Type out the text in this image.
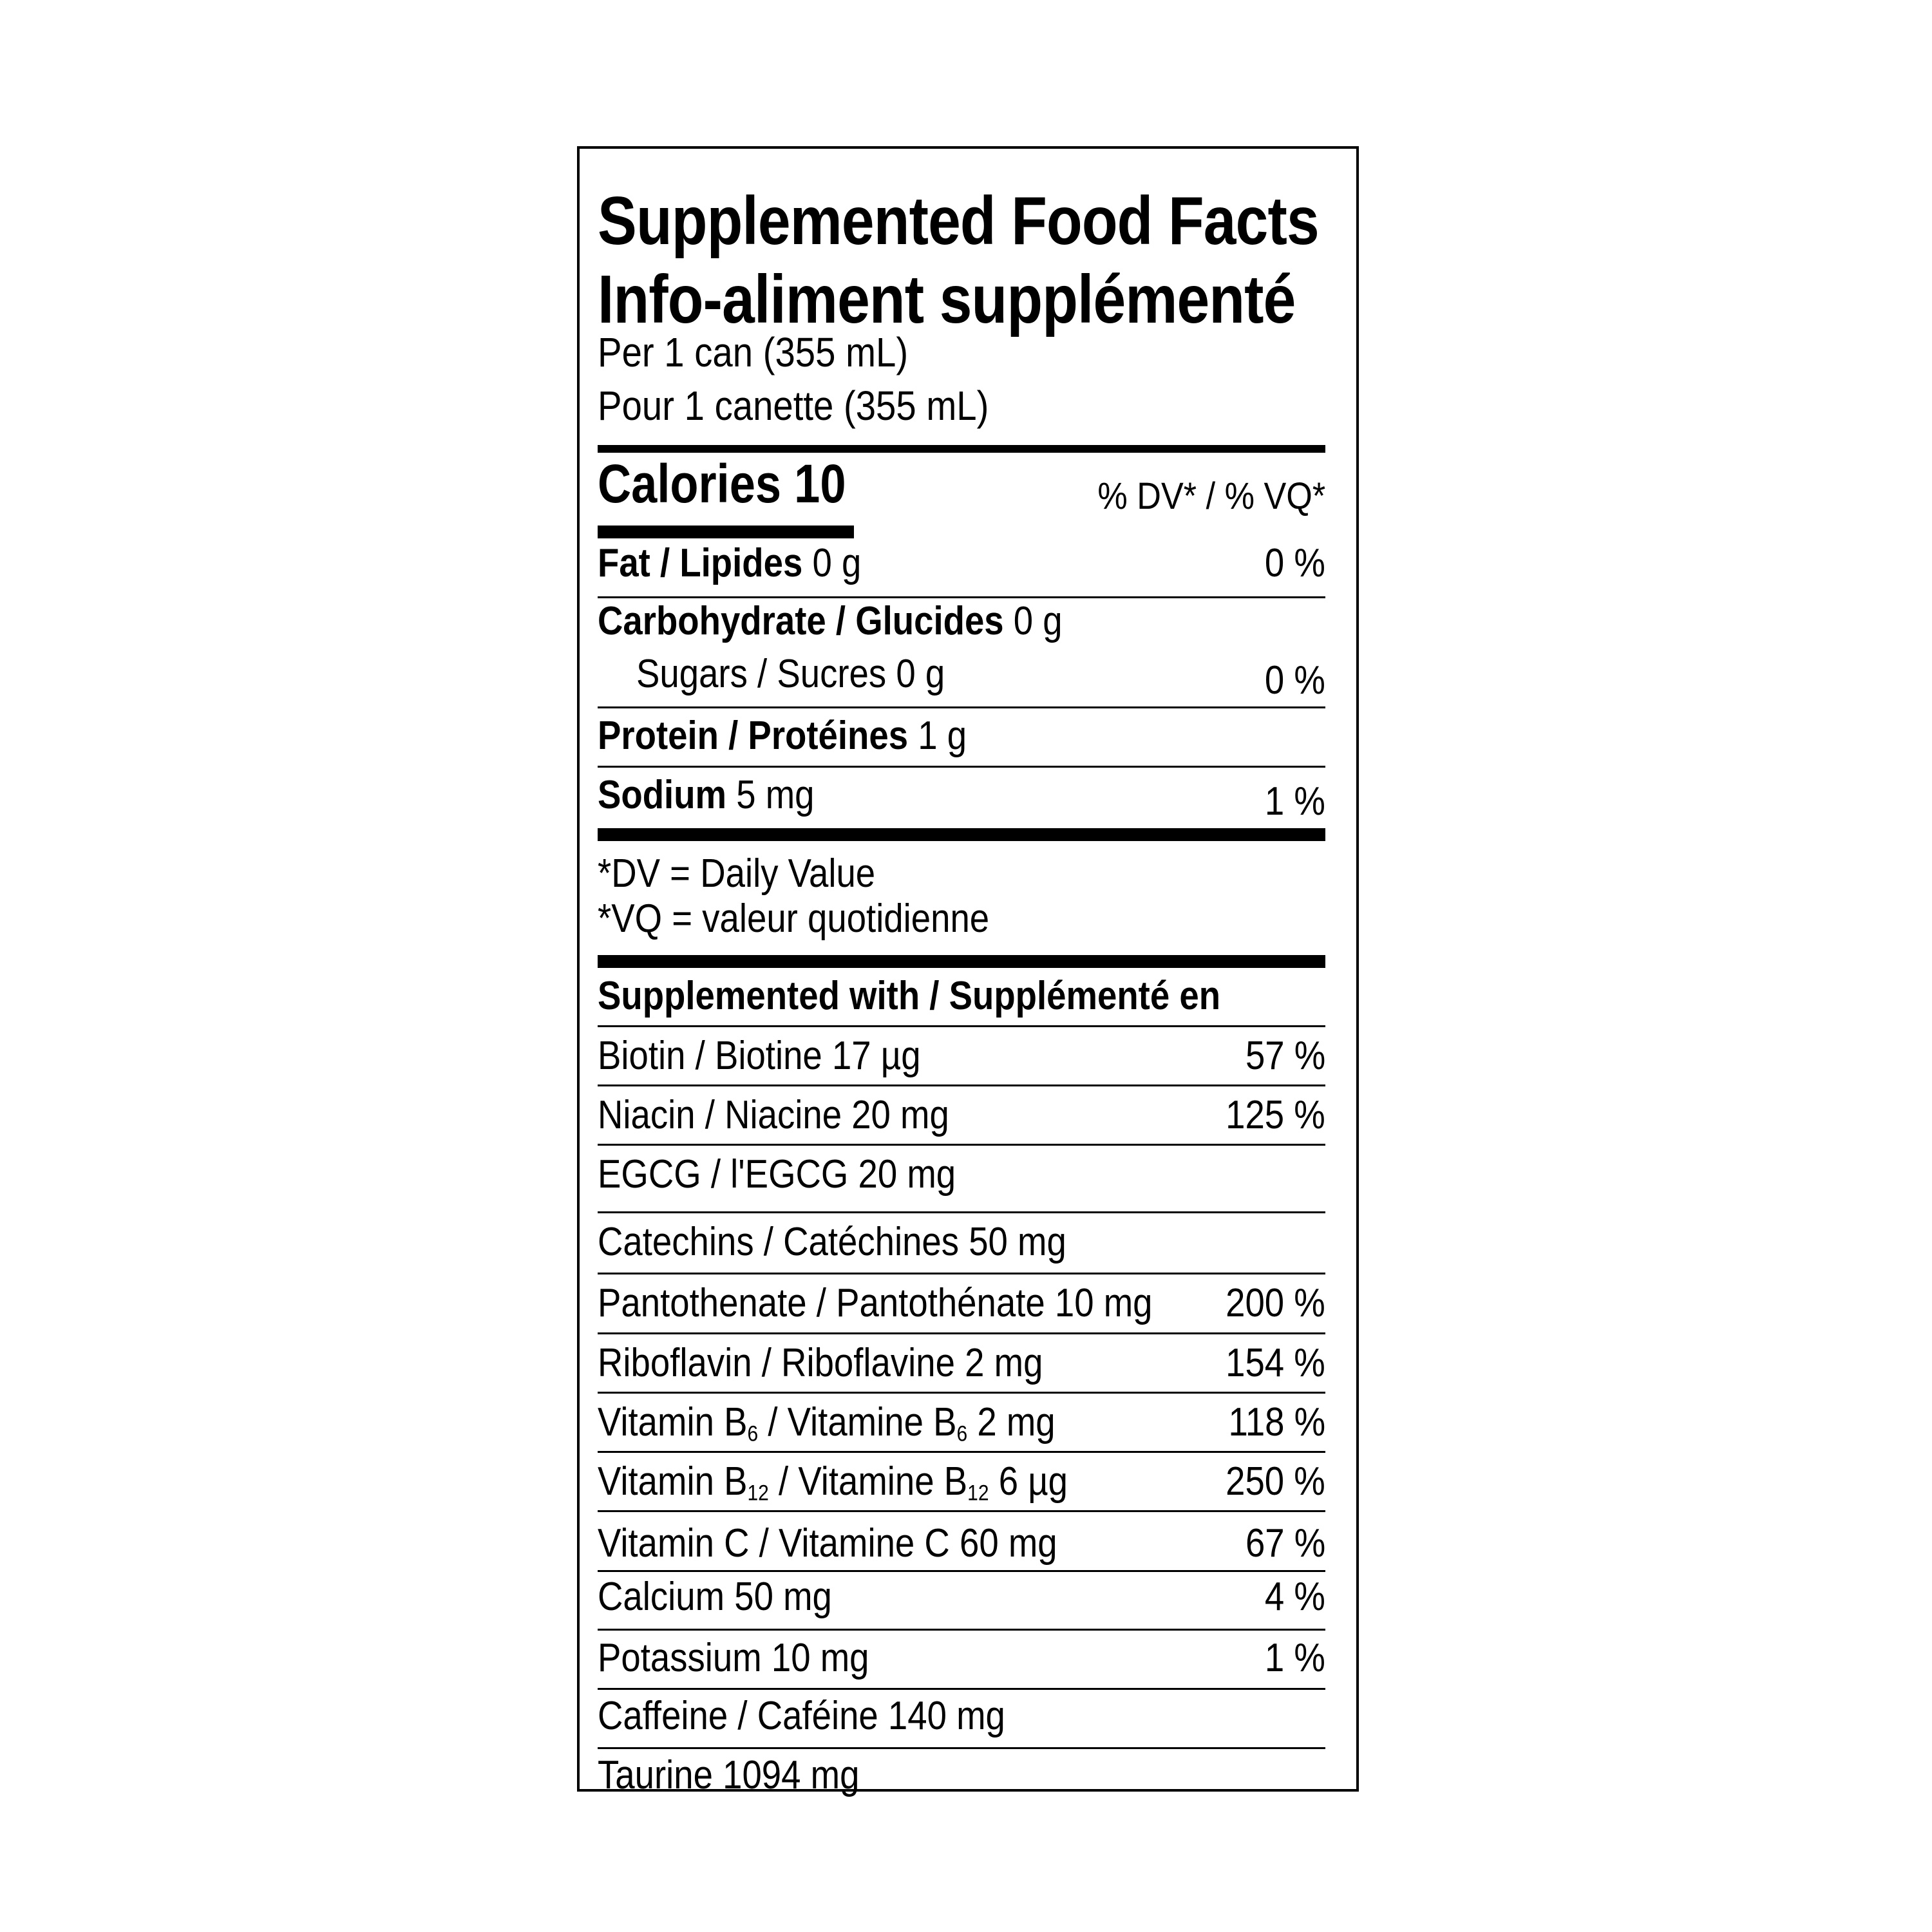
Supplemented Food Facts
Info-aliment supplémenté
Per 1 can (355 mL)
Pour 1 canette (355 mL)
Calories 10	% DV* / % VQ*
Fat / Lipides 0 g	0 %
Carbohydrate / Glucides 0 g
Sugars / Sucres 0 g	0 %
Protein / Protéines 1 g
Sodium 5 mg	1 %
*DV = Daily Value
*VQ = valeur quotidienne
Supplemented with / Supplémenté en
Biotin / Biotine 17 µg	57 %
Niacin / Niacine 20 mg	125 %
EGCG / l'EGCG 20 mg
Catechins / Catéchines 50 mg
Pantothenate / Pantothénate 10 mg 200 %
Riboflavin / Riboflavine 2 mg	154 %
Vitamin $B_6$ / Vitamine $B_6$ 2 mg	118 %
Vitamin $B_{12}$ / Vitamine $B_{12}$ 6 µg	250 %
Vitamin C / Vitamine C 60 mg	67 %
Calcium 50 mg	4 %
Potassium 10 mg	1 %
Caffeine / Caféine 140 mg
Taurine 1094 mg
